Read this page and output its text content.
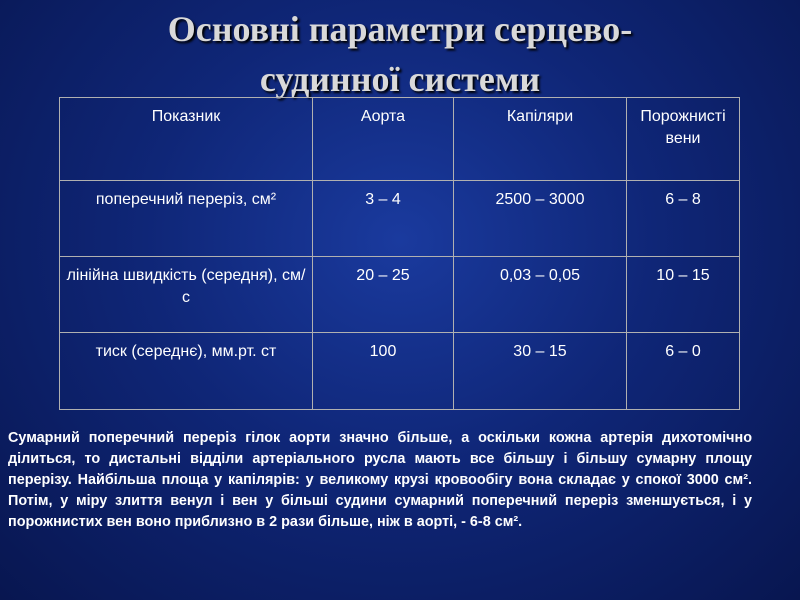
Основні параметри серцево-
судинної системи
Показник	Аорта	Капіляри	Порожнисті вени
поперечний переріз, см²	3 – 4	2500 – 3000	6 – 8
лінійна швидкість (середня), см/с	20 – 25	0,03 – 0,05	10 – 15
тиск (середнє), мм.рт. ст	100	30 – 15	6 – 0
Сумарний поперечний переріз гілок аорти значно більше, а оскільки кожна артерія дихотомічно ділиться, то дистальні відділи артеріального русла мають все більшу і більшу сумарну площу перерізу. Найбільша площа у капілярів: у великому крузі кровообігу вона складає у спокої 3000 см². Потім, у міру злиття венул і вен у більші судини сумарний поперечний переріз зменшується, і у порожнистих вен воно приблизно в 2 рази більше, ніж в аорті, - 6-8 см².
